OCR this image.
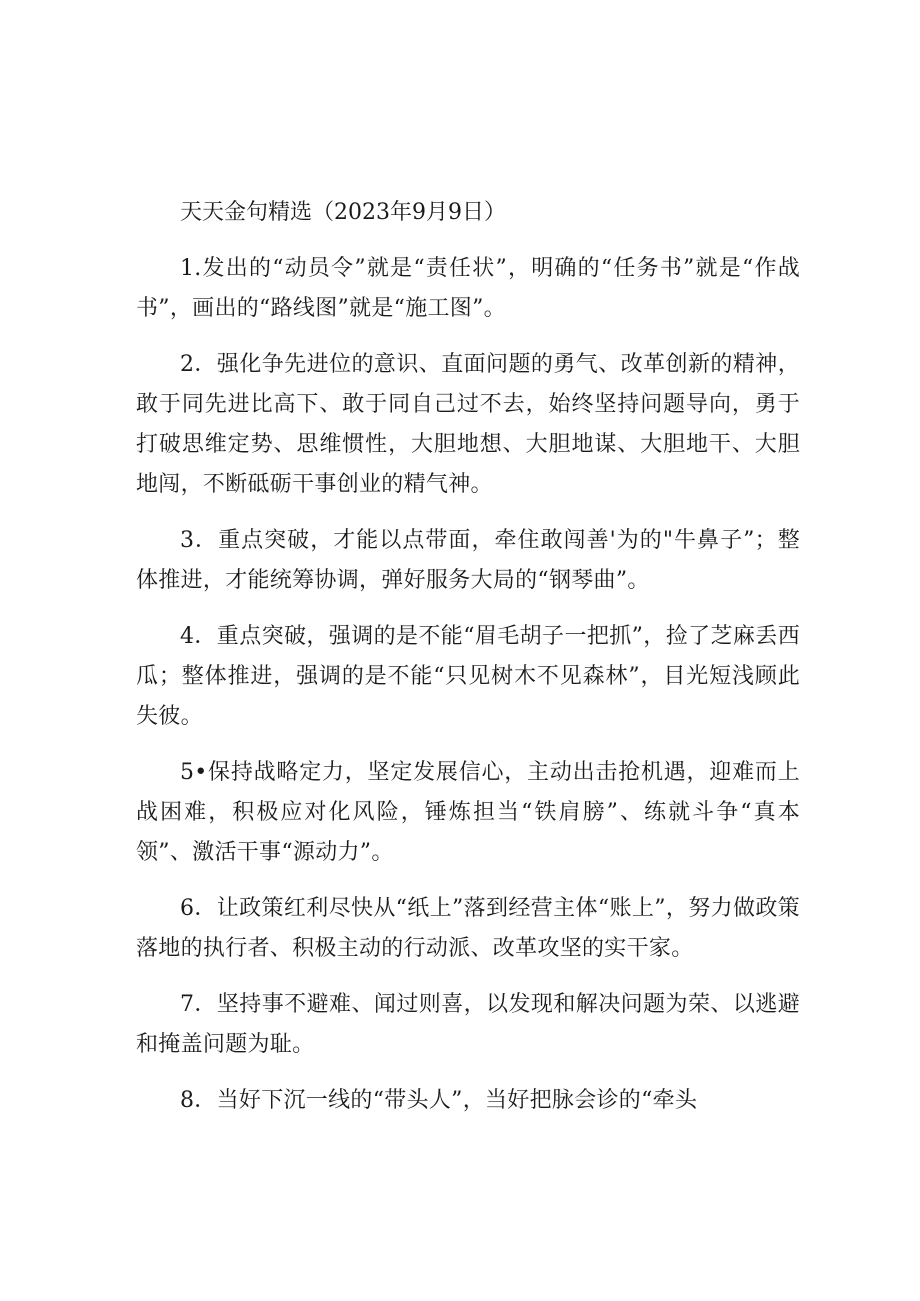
天天金句精选（2023年9月9日）

1.发出的“动员令”就是“责任状”，明确的“任务书”就是“作战书”，画出的“路线图”就是“施工图”。

2．强化争先进位的意识、直面问题的勇气、改革创新的精神，敢于同先进比高下、敢于同自己过不去，始终坚持问题导向，勇于打破思维定势、思维惯性，大胆地想、大胆地谋、大胆地干、大胆地闯，不断砥砺干事创业的精气神。

3．重点突破，才能以点带面，牵住敢闯善'为的"牛鼻子”；整体推进，才能统筹协调，弹好服务大局的“钢琴曲”。

4．重点突破，强调的是不能“眉毛胡子一把抓”，捡了芝麻丢西瓜；整体推进，强调的是不能“只见树木不见森林”，目光短浅顾此失彼。

5•保持战略定力，坚定发展信心，主动出击抢机遇，迎难而上战困难，积极应对化风险，锤炼担当“铁肩膀”、练就斗争“真本领”、激活干事“源动力”。

6．让政策红利尽快从“纸上”落到经营主体“账上”，努力做政策落地的执行者、积极主动的行动派、改革攻坚的实干家。

7．坚持事不避难、闻过则喜，以发现和解决问题为荣、以逃避和掩盖问题为耻。

8．当好下沉一线的“带头人”，当好把脉会诊的“牵头
